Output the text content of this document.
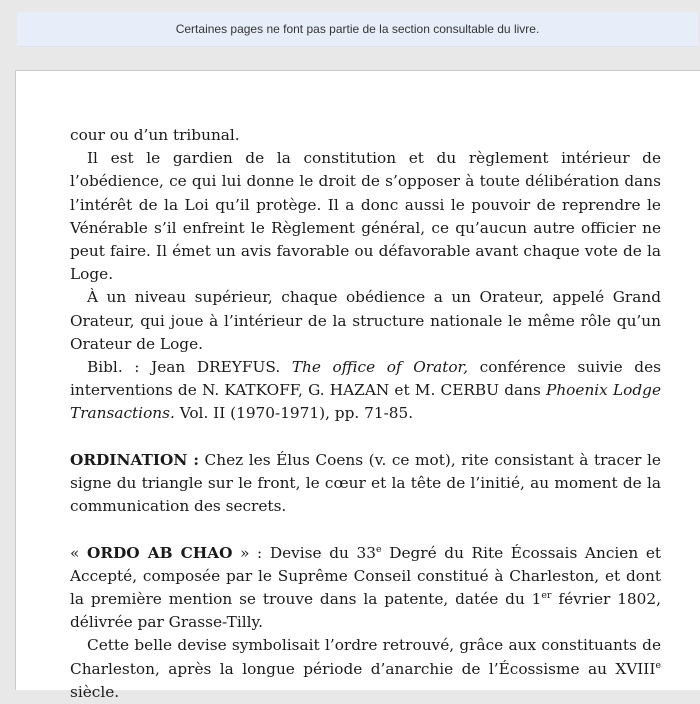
Certaines pages ne font pas partie de la section consultable du livre.

cour ou d’un tribunal.

Il est le gardien de la constitution et du règlement intérieur de l’obédience, ce qui lui donne le droit de s’opposer à toute délibération dans l’intérêt de la Loi qu’il protège. Il a donc aussi le pouvoir de reprendre le Vénérable s’il enfreint le Règlement général, ce qu’aucun autre officier ne peut faire. Il émet un avis favorable ou défavorable avant chaque vote de la Loge.

À un niveau supérieur, chaque obédience a un Orateur, appelé Grand Orateur, qui joue à l’intérieur de la structure nationale le même rôle qu’un Orateur de Loge.

Bibl. : Jean DREYFUS. The office of Orator, conférence suivie des interventions de N. KATKOFF, G. HAZAN et M. CERBU dans Phoenix Lodge Transactions. Vol. II (1970-1971), pp. 71-85.

ORDINATION : Chez les Élus Coens (v. ce mot), rite consistant à tracer le signe du triangle sur le front, le cœur et la tête de l’initié, au moment de la communication des secrets.

« ORDO AB CHAO » : Devise du 33e Degré du Rite Écossais Ancien et Accepté, composée par le Suprême Conseil constitué à Charleston, et dont la première mention se trouve dans la patente, datée du 1er février 1802, délivrée par Grasse-Tilly.

Cette belle devise symbolisait l’ordre retrouvé, grâce aux constituants de Charleston, après la longue période d’anarchie de l’Écossisme au XVIIIe siècle.
